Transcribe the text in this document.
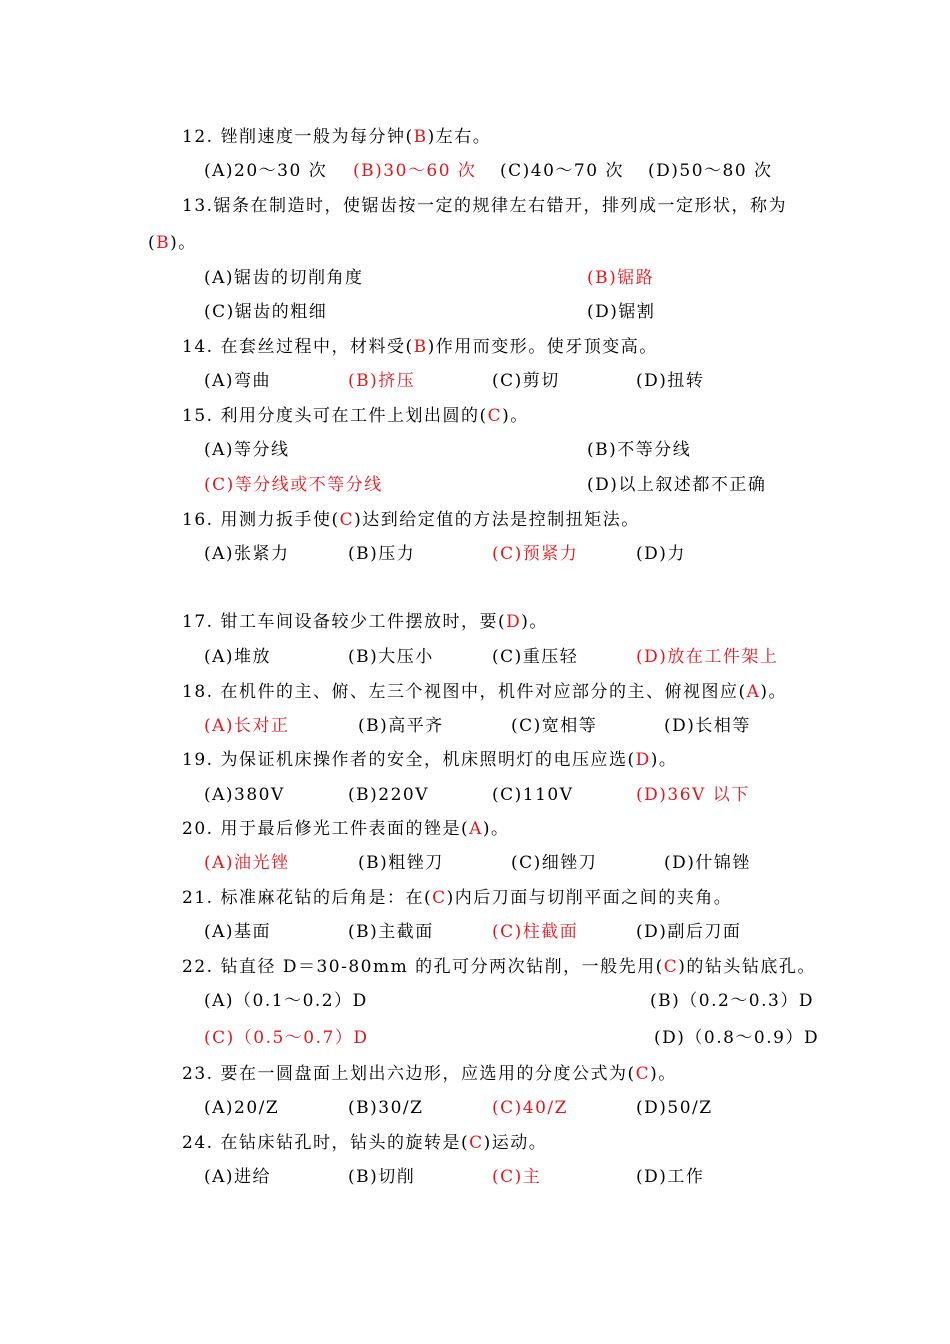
12. 锉削速度一般为每分钟(B)左右。
(A)20～30 次 (B)30～60 次 (C)40～70 次 (D)50～80 次
13.锯条在制造时，使锯齿按一定的规律左右错开，排列成一定形状，称为
(B)。
(A)锯齿的切削角度	(B)锯路
(C)锯齿的粗细	(D)锯割
14. 在套丝过程中，材料受(B)作用而变形。使牙顶变高。
(A)弯曲	(B)挤压	(C)剪切	(D)扭转
15. 利用分度头可在工件上划出圆的(C)。
(A)等分线	(B)不等分线
(C)等分线或不等分线	(D)以上叙述都不正确
16. 用测力扳手使(C)达到给定值的方法是控制扭矩法。
(A)张紧力	(B)压力	(C)预紧力	(D)力
17. 钳工车间设备较少工件摆放时，要(D)。
(A)堆放	(B)大压小	(C)重压轻	(D)放在工件架上
18. 在机件的主、俯、左三个视图中，机件对应部分的主、俯视图应(A)。
(A)长对正	(B)高平齐	(C)宽相等	(D)长相等
19. 为保证机床操作者的安全，机床照明灯的电压应选(D)。
(A)380V	(B)220V	(C)110V	(D)36V 以下
20. 用于最后修光工件表面的锉是(A)。
(A)油光锉	(B)粗锉刀	(C)细锉刀	(D)什锦锉
21. 标准麻花钻的后角是：在(C)内后刀面与切削平面之间的夹角。
(A)基面	(B)主截面	(C)柱截面	(D)副后刀面
22. 钻直径 D＝30-80mm 的孔可分两次钻削，一般先用(C)的钻头钻底孔。
(A)（0.1～0.2）D	(B)（0.2～0.3）D
(C)（0.5～0.7）D	(D)（0.8～0.9）D
23. 要在一圆盘面上划出六边形，应选用的分度公式为(C)。
(A)20/Z	(B)30/Z	(C)40/Z	(D)50/Z
24. 在钻床钻孔时，钻头的旋转是(C)运动。
(A)进给	(B)切削	(C)主	(D)工作
